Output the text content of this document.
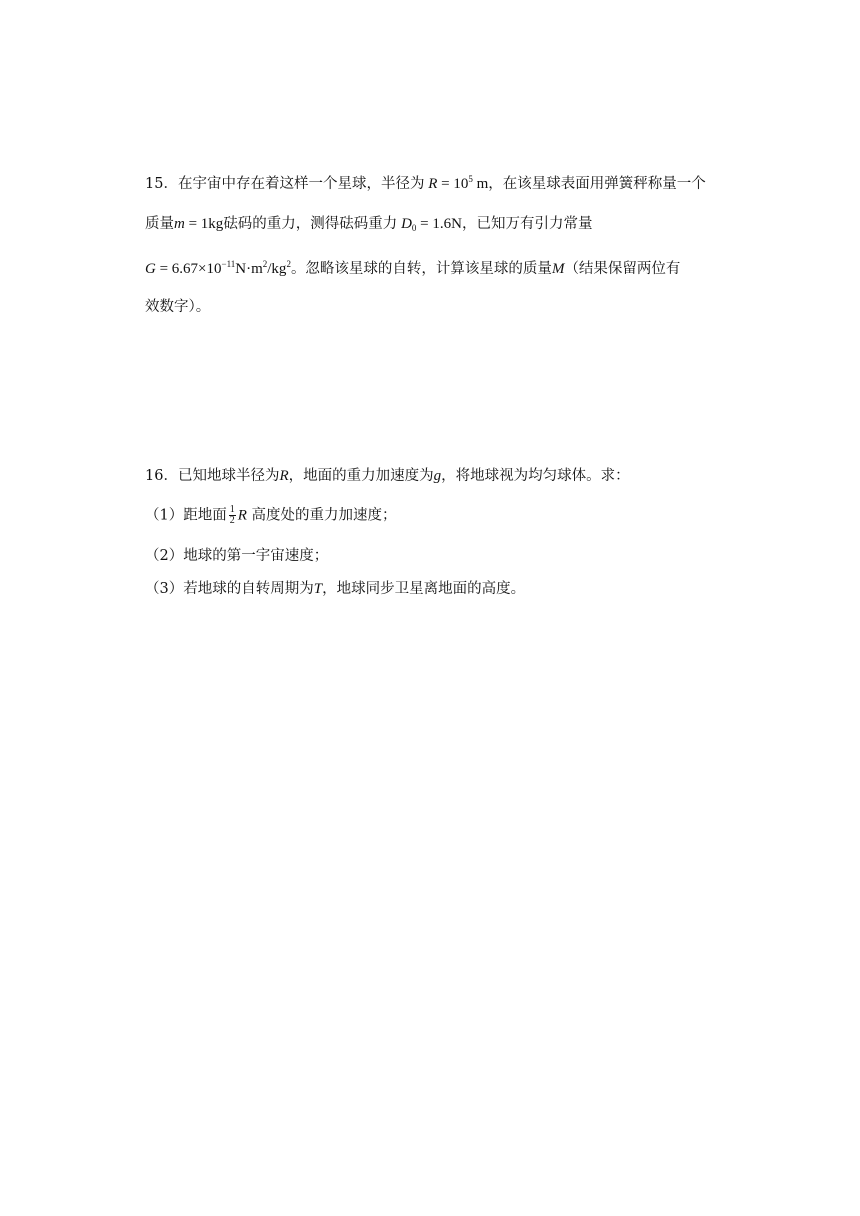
15．在宇宙中存在着这样一个星球，半径为 $R = 10^5$ m，在该星球表面用弹簧秤称量一个
质量m = 1kg砝码的重力，测得砝码重力 $D_0 = 1.6N$，已知万有引力常量
$G = 6.67\times 10^{-11}N\cdot m^2/kg^2$。忽略该星球的自转，计算该星球的质量M（结果保留两位有
效数字）。
16．已知地球半径为R，地面的重力加速度为g，将地球视为均匀球体。求：
（1）距地面 $\frac{1}{2}$ R 高度处的重力加速度；
（2）地球的第一宇宙速度；
（3）若地球的自转周期为T，地球同步卫星离地面的高度。
